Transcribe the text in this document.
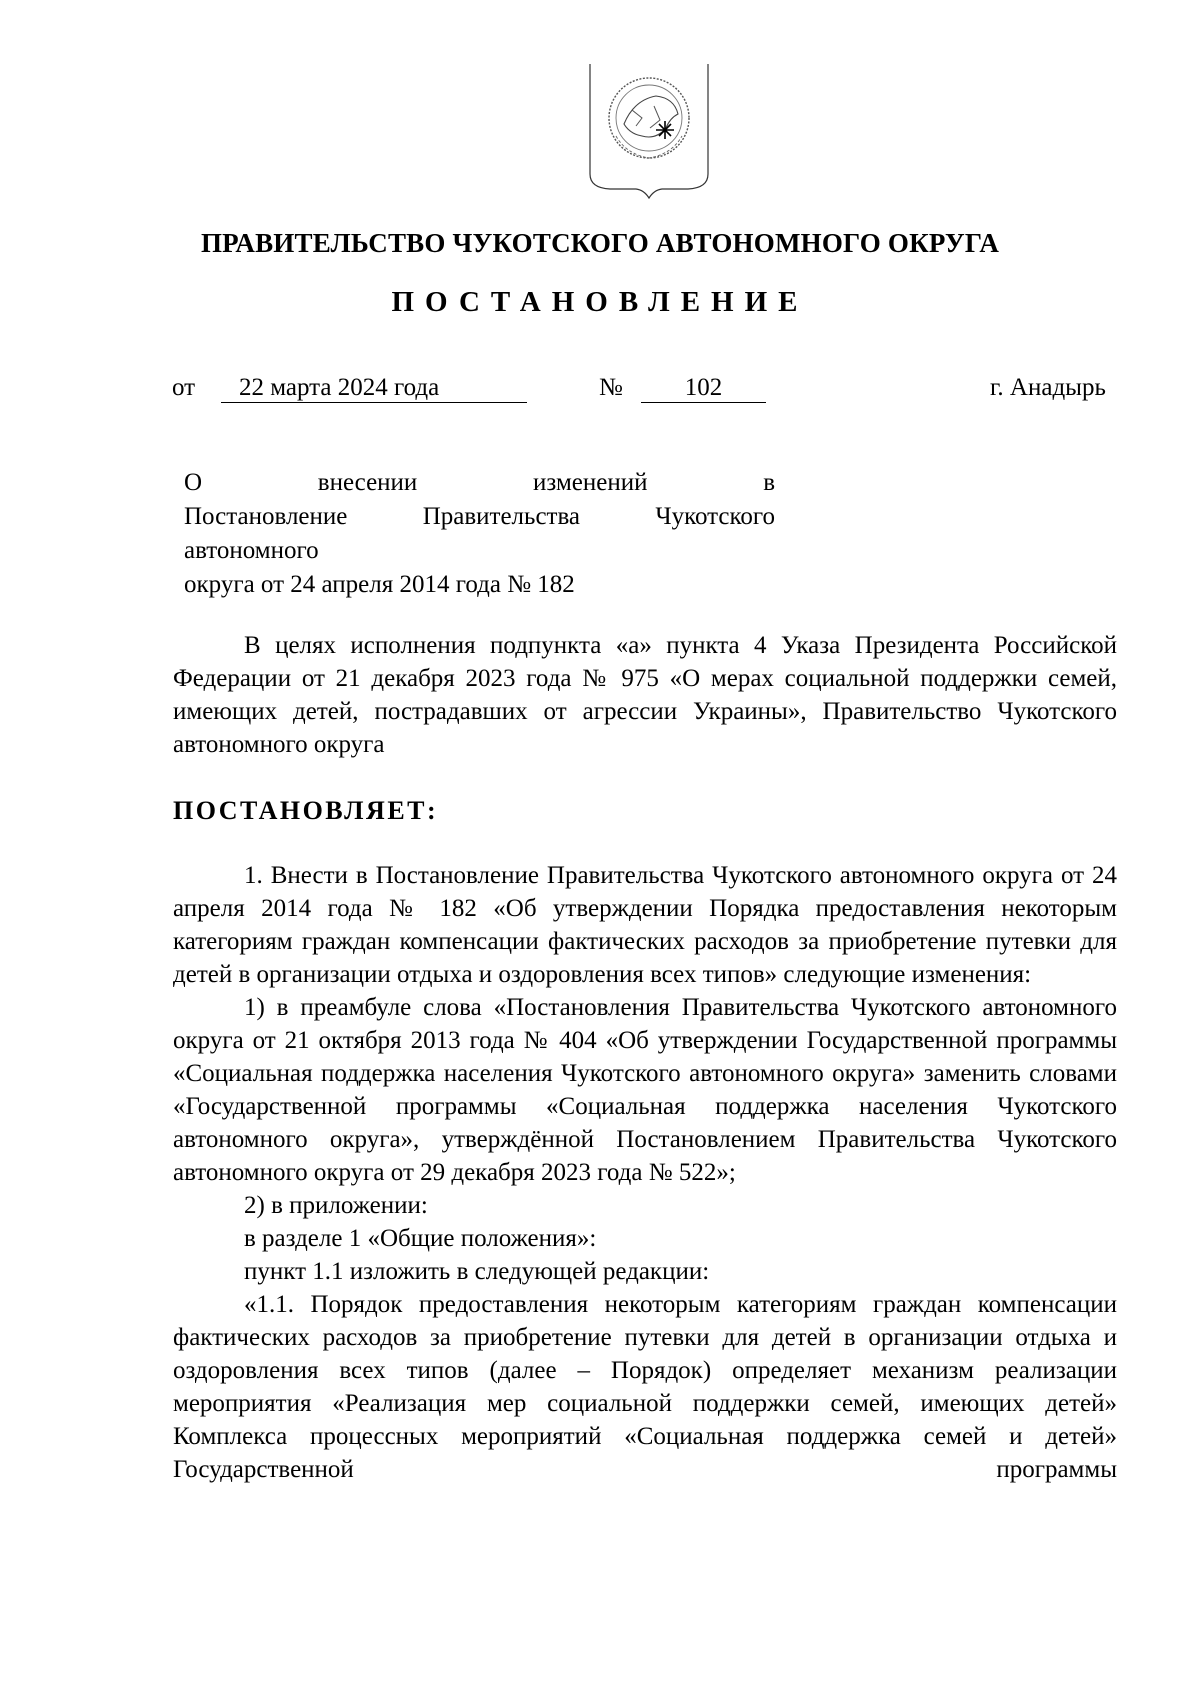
ПРАВИТЕЛЬСТВО ЧУКОТСКОГО АВТОНОМНОГО ОКРУГА
ПОСТАНОВЛЕНИЕ
от	22 марта 2024 года	№	102	г. Анадырь
О внесении изменений в
Постановление Правительства Чукотского автономного
округа от 24 апреля 2014 года № 182

В целях исполнения подпункта «а» пункта 4 Указа Президента Российской Федерации от 21 декабря 2023 года № 975 «О мерах социальной поддержки семей, имеющих детей, пострадавших от агрессии Украины», Правительство Чукотского автономного округа

ПОСТАНОВЛЯЕТ:

1. Внести в Постановление Правительства Чукотского автономного округа от 24 апреля 2014 года № 182 «Об утверждении Порядка предоставления некоторым категориям граждан компенсации фактических расходов за приобретение путевки для детей в организации отдыха и оздоровления всех типов» следующие изменения:

1) в преамбуле слова «Постановления Правительства Чукотского автономного округа от 21 октября 2013 года № 404 «Об утверждении Государственной программы «Социальная поддержка населения Чукотского автономного округа» заменить словами «Государственной программы «Социальная поддержка населения Чукотского автономного округа», утверждённой Постановлением Правительства Чукотского автономного округа от 29 декабря 2023 года № 522»;

2) в приложении:

в разделе 1 «Общие положения»:

пункт 1.1 изложить в следующей редакции:

«1.1. Порядок предоставления некоторым категориям граждан компенсации фактических расходов за приобретение путевки для детей в организации отдыха и оздоровления всех типов (далее – Порядок) определяет механизм реализации мероприятия «Реализация мер социальной поддержки семей, имеющих детей» Комплекса процессных мероприятий «Социальная поддержка семей и детей» Государственной программы
